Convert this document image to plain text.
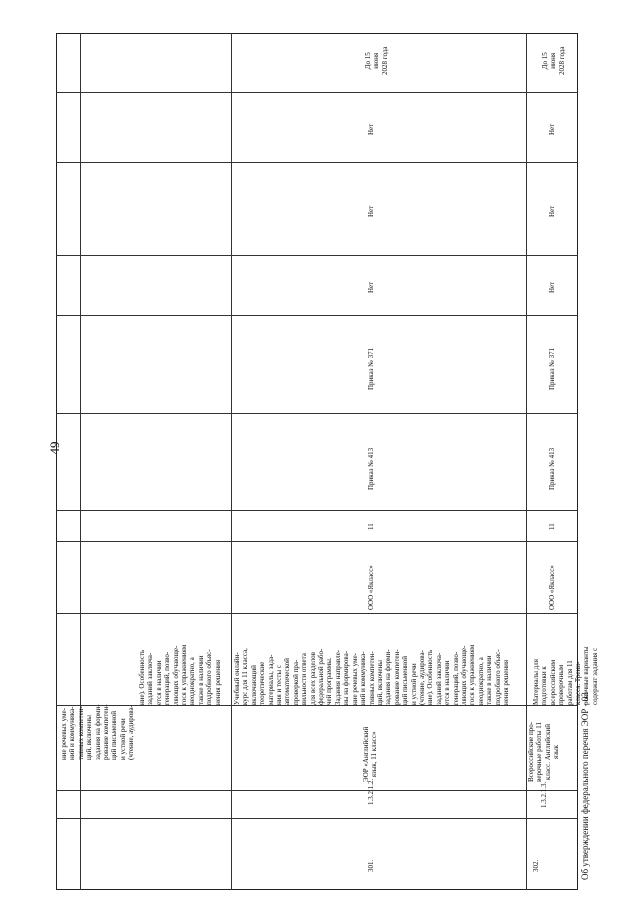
49
ние речевых уме- ний и коммуника- тивных компетен- ций, включены задания на форми- рование компетен- ций письменной и устной речи (чтение, аудирова-
ние). Особенность заданий заключа- ется в наличии генераций, позво- ляющих обучающе- гося к упражнениям неоднократно, а также в наличии подробного объяс- нения решения
301.
1.3.2.1.2.
ЭОР «Английский язык, 11 класс»
Учебный онлайн- курс для 11 класса, включающий теоретические материалы, зада- ния и тесты с автоматической проверкой пра- вильности ответа для всех разделов федеральной рабо- чей программы. Задания направле- ны на формирова- ние речевых уме- ний и коммуника- тивных компетен- ций, включены задания на форми- рование компетен- ций письменной и устной речи (чтение, аудирова- ние). Особенность заданий заключа- ется в наличии генераций, позво- ляющих обучающе- гося к упражнениям неоднократно, а также в наличии подробного объяс- нения решения
ООО «Якласс»
11
Приказ № 413
Приказ № 371
Нет
Нет
Нет
До 15 июня 2028 года
302.
1.3.2.1.3.
Всероссийские про- верочные работы 11 класс. Английский язык
Материалы для подготовки к всероссийским проверочным работам для 11 класса. Трени- ровочные варианты содержат задания с
ООО «Якласс»
11
Приказ № 413
Приказ № 371
Нет
Нет
Нет
До 15 июня 2028 года
Об утверждении федерального перечня ЭОР - 03
